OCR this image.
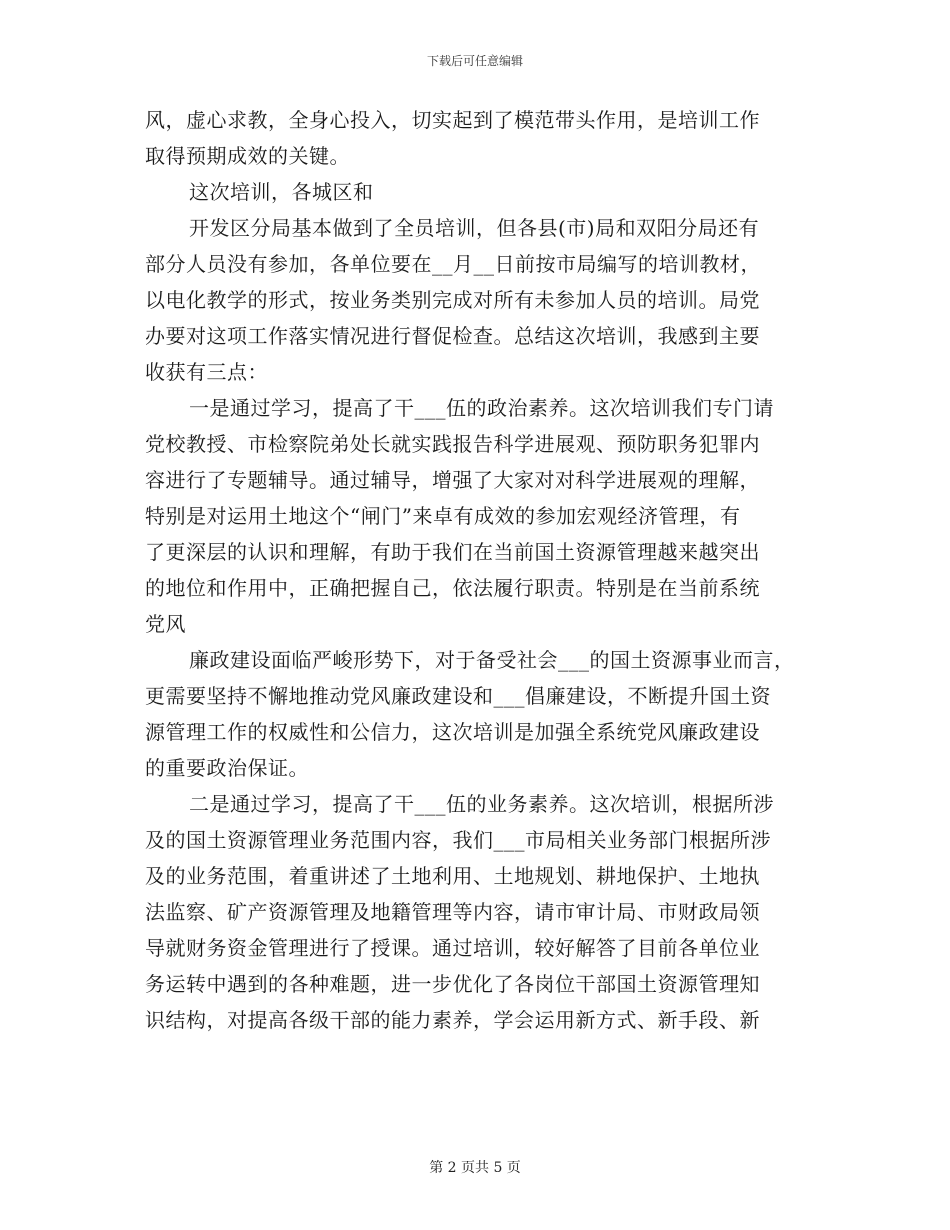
下载后可任意编辑
风，虚心求教，全身心投入，切实起到了模范带头作用，是培训工作
取得预期成效的关键。
这次培训，各城区和
开发区分局基本做到了全员培训，但各县(市)局和双阳分局还有
部分人员没有参加，各单位要在__月__日前按市局编写的培训教材，
以电化教学的形式，按业务类别完成对所有未参加人员的培训。局党
办要对这项工作落实情况进行督促检查。总结这次培训，我感到主要
收获有三点：
一是通过学习，提高了干___伍的政治素养。这次培训我们专门请
党校教授、市检察院弟处长就实践报告科学进展观、预防职务犯罪内
容进行了专题辅导。通过辅导，增强了大家对对科学进展观的理解，
特别是对运用土地这个“闸门”来卓有成效的参加宏观经济管理，有
了更深层的认识和理解，有助于我们在当前国土资源管理越来越突出
的地位和作用中，正确把握自己，依法履行职责。特别是在当前系统
党风
廉政建设面临严峻形势下，对于备受社会___的国土资源事业而言，
更需要坚持不懈地推动党风廉政建设和___倡廉建设，不断提升国土资
源管理工作的权威性和公信力，这次培训是加强全系统党风廉政建设
的重要政治保证。
二是通过学习，提高了干___伍的业务素养。这次培训，根据所涉
及的国土资源管理业务范围内容，我们___市局相关业务部门根据所涉
及的业务范围，着重讲述了土地利用、土地规划、耕地保护、土地执
法监察、矿产资源管理及地籍管理等内容，请市审计局、市财政局领
导就财务资金管理进行了授课。通过培训，较好解答了目前各单位业
务运转中遇到的各种难题，进一步优化了各岗位干部国土资源管理知
识结构，对提高各级干部的能力素养，学会运用新方式、新手段、新
第 2 页共 5 页
